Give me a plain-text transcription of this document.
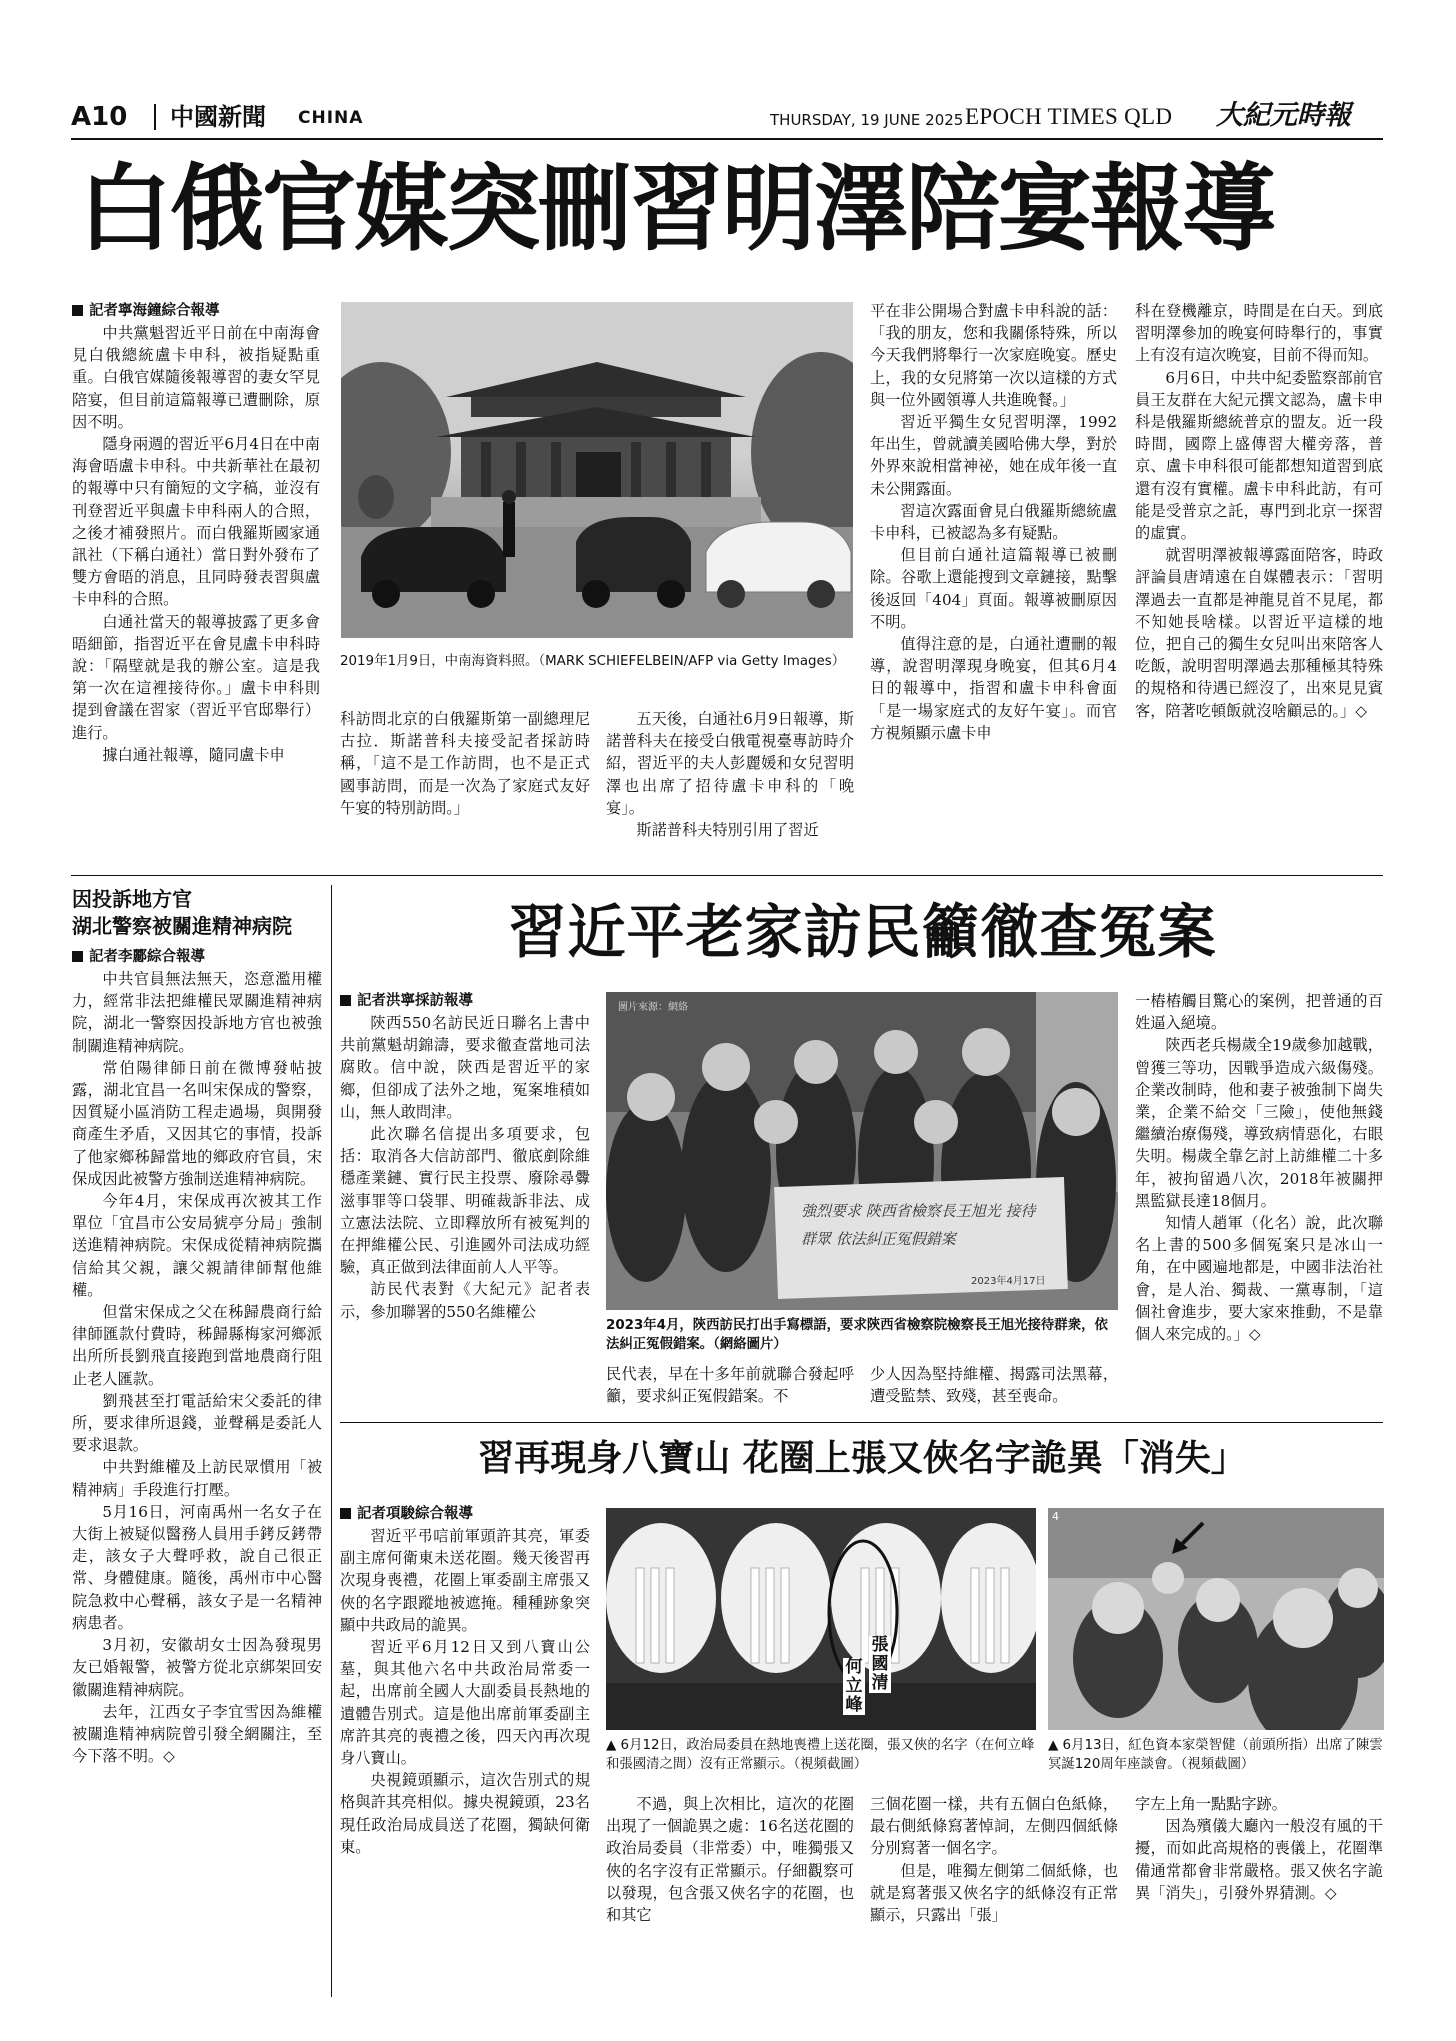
A10 中國新聞 CHINA	THURSDAY, 19 JUNE 2025 EPOCH TIMES QLD 大紀元時報
白俄官媒突刪習明澤陪宴報導
記者寧海鐘綜合報導

中共黨魁習近平日前在中南海會見白俄總統盧卡申科，被指疑點重重。白俄官媒隨後報導習的妻女罕見陪宴，但目前這篇報導已遭刪除，原因不明。

隱身兩週的習近平6月4日在中南海會晤盧卡申科。中共新華社在最初的報導中只有簡短的文字稿，並沒有刊登習近平與盧卡申科兩人的合照，之後才補發照片。而白俄羅斯國家通訊社（下稱白通社）當日對外發布了雙方會晤的消息，且同時發表習與盧卡申科的合照。

白通社當天的報導披露了更多會晤細節，指習近平在會見盧卡申科時說：「隔壁就是我的辦公室。這是我第一次在這裡接待你。」盧卡申科則提到會議在習家（習近平官邸舉行）進行。

據白通社報導，隨同盧卡申

2019年1月9日，中南海資料照。（MARK SCHIEFELBEIN/AFP via Getty Images）
科訪問北京的白俄羅斯第一副總理尼古拉．斯諾普科夫接受記者採訪時稱，「這不是工作訪問，也不是正式國事訪問，而是一次為了家庭式友好午宴的特別訪問。」

五天後，白通社6月9日報導，斯諾普科夫在接受白俄電視臺專訪時介紹，習近平的夫人彭麗媛和女兒習明澤也出席了招待盧卡申科的「晚宴」。

斯諾普科夫特別引用了習近

平在非公開場合對盧卡申科說的話：「我的朋友，您和我關係特殊，所以今天我們將舉行一次家庭晚宴。歷史上，我的女兒將第一次以這樣的方式與一位外國領導人共進晚餐。」

習近平獨生女兒習明澤，1992年出生，曾就讀美國哈佛大學，對於外界來說相當神祕，她在成年後一直未公開露面。

習這次露面會見白俄羅斯總統盧卡申科，已被認為多有疑點。

但目前白通社這篇報導已被刪除。谷歌上還能搜到文章鏈接，點擊後返回「404」頁面。報導被刪原因不明。

值得注意的是，白通社遭刪的報導，說習明澤現身晚宴，但其6月4日的報導中，指習和盧卡申科會面「是一場家庭式的友好午宴」。而官方視頻顯示盧卡申

科在登機離京，時間是在白天。到底習明澤參加的晚宴何時舉行的，事實上有沒有這次晚宴，目前不得而知。

6月6日，中共中紀委監察部前官員王友群在大紀元撰文認為，盧卡申科是俄羅斯總統普京的盟友。近一段時間，國際上盛傳習大權旁落，普京、盧卡申科很可能都想知道習到底還有沒有實權。盧卡申科此訪，有可能是受普京之託，專門到北京一探習的虛實。

就習明澤被報導露面陪客，時政評論員唐靖遠在自媒體表示：「習明澤過去一直都是神龍見首不見尾，都不知她長啥樣。以習近平這樣的地位，把自己的獨生女兒叫出來陪客人吃飯，說明習明澤過去那種極其特殊的規格和待遇已經沒了，出來見見賓客，陪著吃頓飯就沒啥顧忌的。」◇

因投訴地方官
湖北警察被關進精神病院
記者李酈綜合報導

中共官員無法無天，恣意濫用權力，經常非法把維權民眾關進精神病院，湖北一警察因投訴地方官也被強制關進精神病院。

常伯陽律師日前在微博發帖披露，湖北宜昌一名叫宋保成的警察，因質疑小區消防工程走過場，與開發商產生矛盾，又因其它的事情，投訴了他家鄉秭歸當地的鄉政府官員，宋保成因此被警方強制送進精神病院。

今年4月，宋保成再次被其工作單位「宜昌市公安局猇亭分局」強制送進精神病院。宋保成從精神病院攜信給其父親，讓父親請律師幫他維權。

但當宋保成之父在秭歸農商行給律師匯款付費時，秭歸縣梅家河鄉派出所所長劉飛直接跑到當地農商行阻止老人匯款。

劉飛甚至打電話給宋父委託的律所，要求律所退錢，並聲稱是委託人要求退款。

中共對維權及上訪民眾慣用「被精神病」手段進行打壓。

5月16日，河南禹州一名女子在大街上被疑似醫務人員用手銬反銬帶走，該女子大聲呼救，說自己很正常、身體健康。隨後，禹州市中心醫院急救中心聲稱，該女子是一名精神病患者。

3月初，安徽胡女士因為發現男友已婚報警，被警方從北京綁架回安徽關進精神病院。

去年，江西女子李宜雪因為維權被關進精神病院曾引發全網關注，至今下落不明。◇

習近平老家訪民籲徹查冤案
記者洪寧採訪報導

陝西550名訪民近日聯名上書中共前黨魁胡錦濤，要求徹查當地司法腐敗。信中說，陝西是習近平的家鄉，但卻成了法外之地，冤案堆積如山，無人敢問津。

此次聯名信提出多項要求，包括：取消各大信訪部門、徹底剷除維穩產業鏈、實行民主投票、廢除尋釁滋事罪等口袋罪、明確裁訴非法、成立憲法法院、立即釋放所有被冤判的在押維權公民、引進國外司法成功經驗，真正做到法律面前人人平等。

訪民代表對《大紀元》記者表示，參加聯署的550名維權公

強烈要求 陝西省檢察長王旭光 接待群眾 依法糾正冤假錯案
2023年4月17日
圖片來源：網絡
2023年4月，陝西訪民打出手寫標語，要求陝西省檢察院檢察長王旭光接待群衆，依法糾正冤假錯案。（網絡圖片）
民代表，早在十多年前就聯合發起呼籲，要求糾正冤假錯案。不
少人因為堅持維權、揭露司法黑幕，遭受監禁、致殘，甚至喪命。
一樁樁觸目驚心的案例，把普通的百姓逼入絕境。

陝西老兵楊歲全19歲參加越戰，曾獲三等功，因戰爭造成六級傷殘。企業改制時，他和妻子被強制下崗失業，企業不給交「三險」，使他無錢繼續治療傷殘，導致病情惡化，右眼失明。楊歲全靠乞討上訪維權二十多年，被拘留過八次，2018年被關押黑監獄長達18個月。

知情人趙軍（化名）說，此次聯名上書的500多個冤案只是冰山一角，在中國遍地都是，中國非法治社會，是人治、獨裁、一黨專制，「這個社會進步，要大家來推動，不是靠個人來完成的。」◇

習再現身八寶山 花圈上張又俠名字詭異「消失」
記者項駿綜合報導

習近平弔唁前軍頭許其亮，軍委副主席何衛東未送花圈。幾天後習再次現身喪禮，花圈上軍委副主席張又俠的名字跟蹤地被遮掩。種種跡象突顯中共政局的詭異。

習近平6月12日又到八寶山公墓，與其他六名中共政治局常委一起，出席前全國人大副委員長熱地的遺體告別式。這是他出席前軍委副主席許其亮的喪禮之後，四天內再次現身八寶山。

央視鏡頭顯示，這次告別式的規格與許其亮相似。據央視鏡頭，23名現任政治局成員送了花圈，獨缺何衛東。

張國清
何立峰
4
▲ 6月12日，政治局委員在熱地喪禮上送花圈，張又俠的名字（在何立峰和張國清之間）沒有正常顯示。（視頻截圖）
▲ 6月13日，紅色資本家榮智健（前頭所指）出席了陳雲冥誕120周年座談會。（視頻截圖）

不過，與上次相比，這次的花圈出現了一個詭異之處：16名送花圈的政治局委員（非常委）中，唯獨張又俠的名字沒有正常顯示。仔細觀察可以發現，包含張又俠名字的花圈，也和其它

三個花圈一樣，共有五個白色紙條，最右側紙條寫著悼詞，左側四個紙條分別寫著一個名字。

但是，唯獨左側第二個紙條，也就是寫著張又俠名字的紙條沒有正常顯示，只露出「張」

字左上角一點點字跡。

因為殯儀大廳內一般沒有風的干擾，而如此高規格的喪儀上，花圈準備通常都會非常嚴格。張又俠名字詭異「消失」，引發外界猜測。◇
